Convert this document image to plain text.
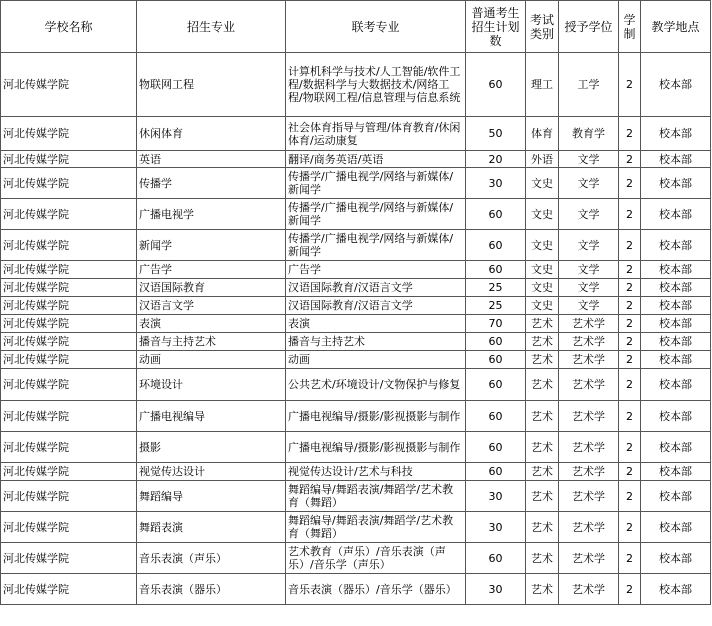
学校名称	招生专业	联考专业	普通考生招生计划数	考试类别	授予学位	学制	教学地点
河北传媒学院	物联网工程	计算机科学与技术/人工智能/软件工程/数据科学与大数据技术/网络工程/物联网工程/信息管理与信息系统	60	理工	工学	2	校本部
河北传媒学院	休闲体育	社会体育指导与管理/体育教育/休闲体育/运动康复	50	体育	教育学	2	校本部
河北传媒学院	英语	翻译/商务英语/英语	20	外语	文学	2	校本部
河北传媒学院	传播学	传播学/广播电视学/网络与新媒体/新闻学	30	文史	文学	2	校本部
河北传媒学院	广播电视学	传播学/广播电视学/网络与新媒体/新闻学	60	文史	文学	2	校本部
河北传媒学院	新闻学	传播学/广播电视学/网络与新媒体/新闻学	60	文史	文学	2	校本部
河北传媒学院	广告学	广告学	60	文史	文学	2	校本部
河北传媒学院	汉语国际教育	汉语国际教育/汉语言文学	25	文史	文学	2	校本部
河北传媒学院	汉语言文学	汉语国际教育/汉语言文学	25	文史	文学	2	校本部
河北传媒学院	表演	表演	70	艺术	艺术学	2	校本部
河北传媒学院	播音与主持艺术	播音与主持艺术	60	艺术	艺术学	2	校本部
河北传媒学院	动画	动画	60	艺术	艺术学	2	校本部
河北传媒学院	环境设计	公共艺术/环境设计/文物保护与修复	60	艺术	艺术学	2	校本部
河北传媒学院	广播电视编导	广播电视编导/摄影/影视摄影与制作	60	艺术	艺术学	2	校本部
河北传媒学院	摄影	广播电视编导/摄影/影视摄影与制作	60	艺术	艺术学	2	校本部
河北传媒学院	视觉传达设计	视觉传达设计/艺术与科技	60	艺术	艺术学	2	校本部
河北传媒学院	舞蹈编导	舞蹈编导/舞蹈表演/舞蹈学/艺术教育（舞蹈）	30	艺术	艺术学	2	校本部
河北传媒学院	舞蹈表演	舞蹈编导/舞蹈表演/舞蹈学/艺术教育（舞蹈）	30	艺术	艺术学	2	校本部
河北传媒学院	音乐表演（声乐）	艺术教育（声乐）/音乐表演（声乐）/音乐学（声乐）	60	艺术	艺术学	2	校本部
河北传媒学院	音乐表演（器乐）	音乐表演（器乐）/音乐学（器乐）	30	艺术	艺术学	2	校本部
